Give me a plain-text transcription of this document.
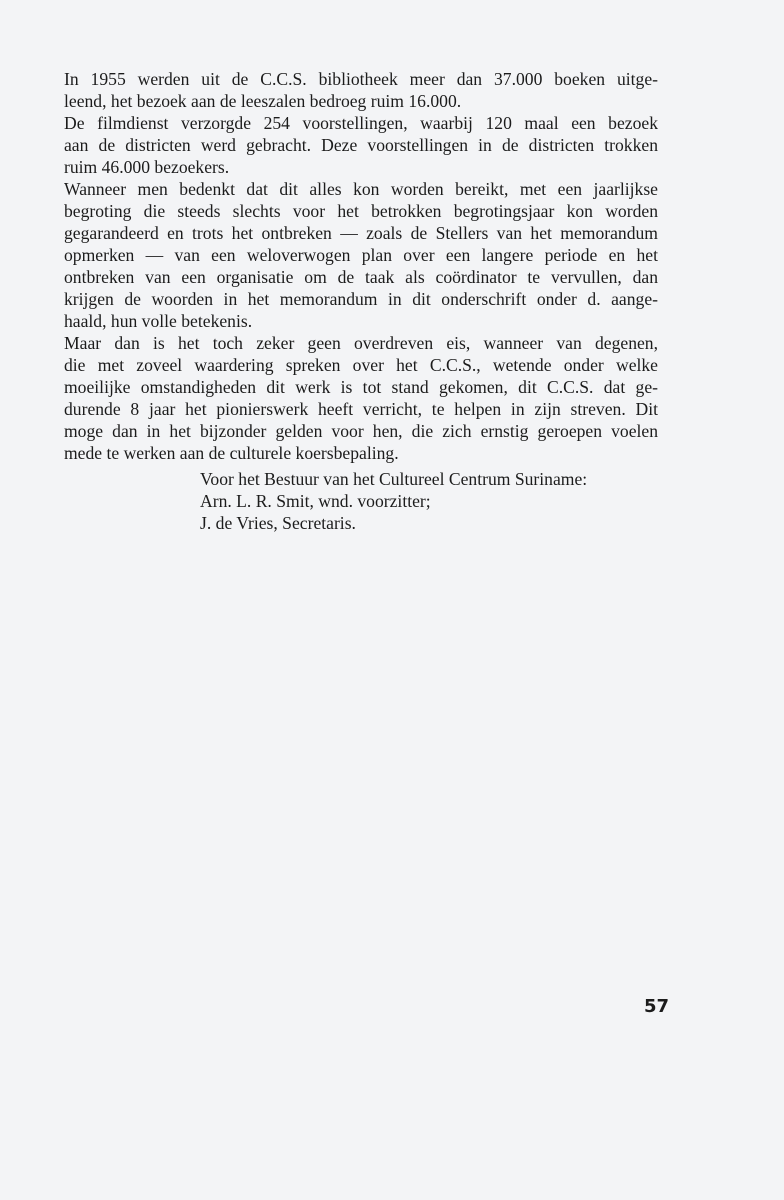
In 1955 werden uit de C.C.S. bibliotheek meer dan 37.000 boeken uitge-
leend, het bezoek aan de leeszalen bedroeg ruim 16.000.

De filmdienst verzorgde 254 voorstellingen, waarbij 120 maal een bezoek
aan de districten werd gebracht. Deze voorstellingen in de districten trokken
ruim 46.000 bezoekers.

Wanneer men bedenkt dat dit alles kon worden bereikt, met een jaarlijkse
begroting die steeds slechts voor het betrokken begrotingsjaar kon worden
gegarandeerd en trots het ontbreken — zoals de Stellers van het memorandum
opmerken — van een weloverwogen plan over een langere periode en het
ontbreken van een organisatie om de taak als coördinator te vervullen, dan
krijgen de woorden in het memorandum in dit onderschrift onder d. aange-
haald, hun volle betekenis.

Maar dan is het toch zeker geen overdreven eis, wanneer van degenen,
die met zoveel waardering spreken over het C.C.S., wetende onder welke
moeilijke omstandigheden dit werk is tot stand gekomen, dit C.C.S. dat ge-
durende 8 jaar het pionierswerk heeft verricht, te helpen in zijn streven. Dit
moge dan in het bijzonder gelden voor hen, die zich ernstig geroepen voelen
mede te werken aan de culturele koersbepaling.

Voor het Bestuur van het Cultureel Centrum Suriname:
Arn. L. R. Smit, wnd. voorzitter;
J. de Vries, Secretaris.
57
